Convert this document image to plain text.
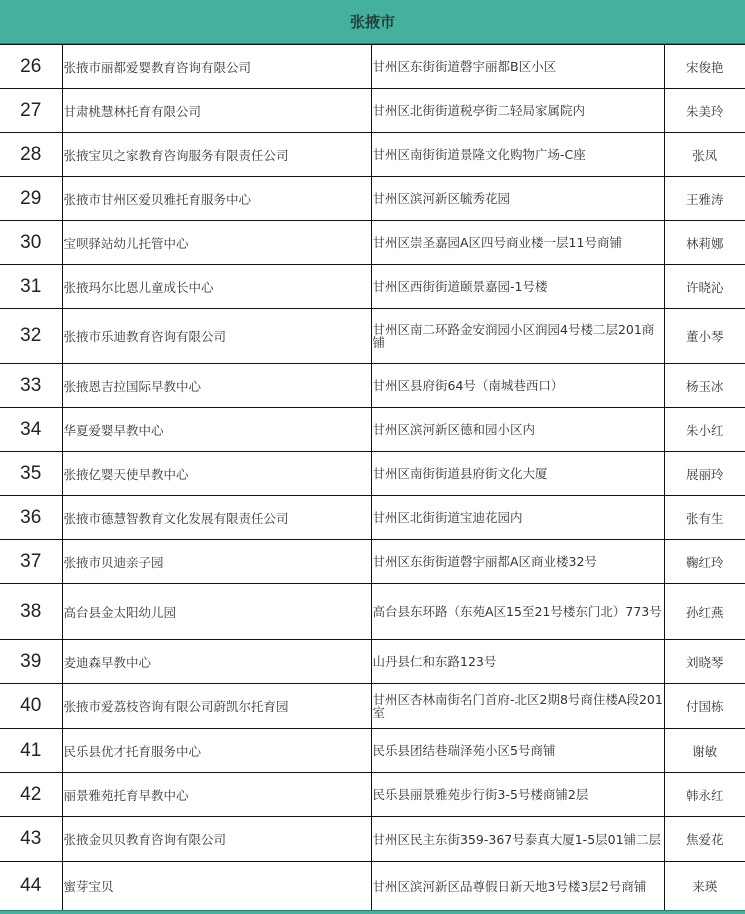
张掖市
26	张掖市丽都爱婴教育咨询有限公司	甘州区东街街道磬宇丽都B区小区	宋俊艳
27	甘肃桃慧林托育有限公司	甘州区北街街道税亭街二轻局家属院内	朱美玲
28	张掖宝贝之家教育咨询服务有限责任公司	甘州区南街街道景隆文化购物广场-C座	张凤
29	张掖市甘州区爱贝雅托育服务中心	甘州区滨河新区毓秀花园	王雅涛
30	宝呗驿站幼儿托管中心	甘州区崇圣嘉园A区四号商业楼一层11号商铺	林莉娜
31	张掖玛尔比恩儿童成长中心	甘州区西街街道颐景嘉园-1号楼	许晓沁
32	张掖市乐迪教育咨询有限公司	甘州区南二环路金安润园小区润园4号楼二层201商铺	董小琴
33	张掖恩吉拉国际早教中心	甘州区县府街64号（南城巷西口）	杨玉冰
34	华夏爱婴早教中心	甘州区滨河新区德和园小区内	朱小红
35	张掖亿婴天使早教中心	甘州区南街街道县府街文化大厦	展丽玲
36	张掖市德慧智教育文化发展有限责任公司	甘州区北街街道宝迪花园内	张有生
37	张掖市贝迪亲子园	甘州区东街街道磬宇丽都A区商业楼32号	鞠红玲
38	高台县金太阳幼儿园	高台县东环路（东苑A区15至21号楼东门北）773号	孙红燕
39	麦迪森早教中心	山丹县仁和东路123号	刘晓琴
40	张掖市爱荔枝咨询有限公司蔚凯尔托育园	甘州区杏林南街名门首府-北区2期8号商住楼A段201室	付国栋
41	民乐县优才托育服务中心	民乐县团结巷瑞泽苑小区5号商铺	谢敏
42	丽景雅苑托育早教中心	民乐县丽景雅苑步行街3-5号楼商铺2层	韩永红
43	张掖金贝贝教育咨询有限公司	甘州区民主东街359-367号泰真大厦1-5层01铺二层	焦爱花
44	蜜芽宝贝	甘州区滨河新区品尊假日新天地3号楼3层2号商铺	来瑛
